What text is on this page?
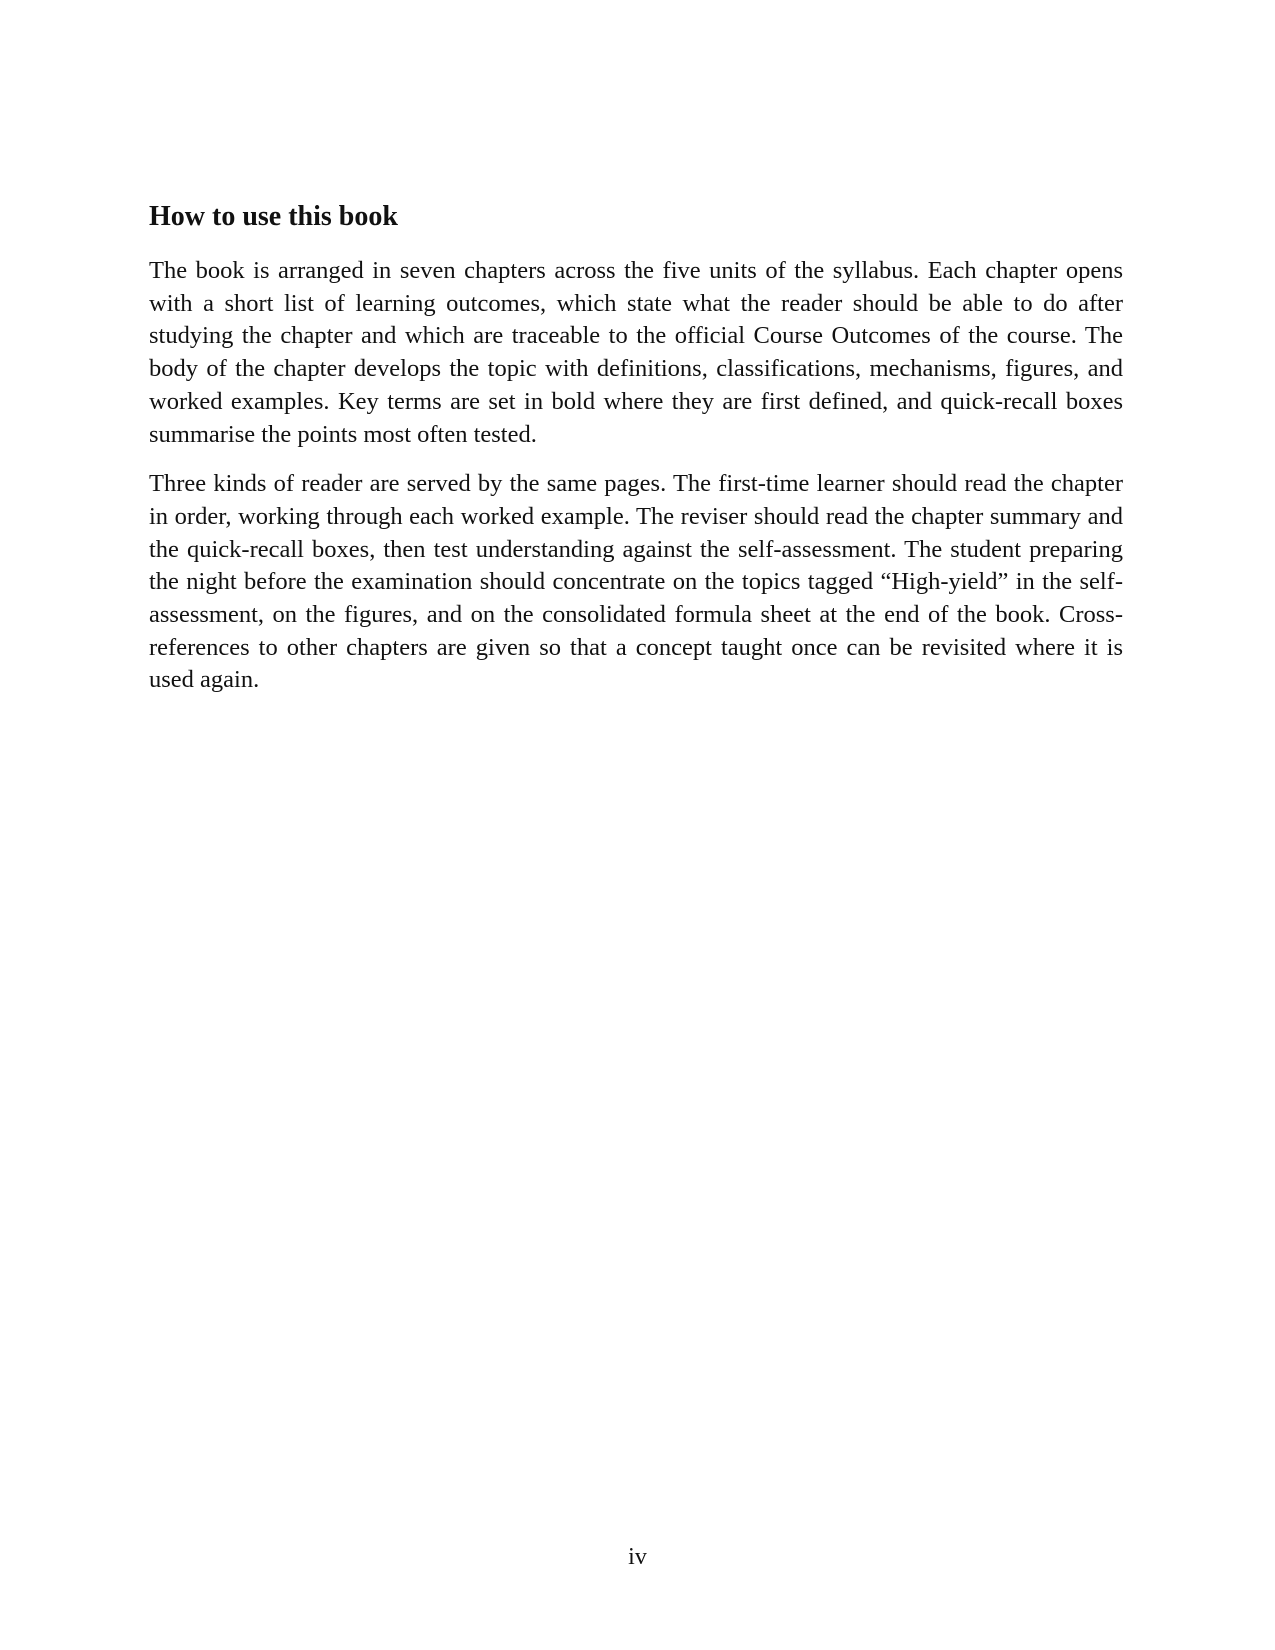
How to use this book

The book is arranged in seven chapters across the five units of the syllabus. Each chapter opens with a short list of learning outcomes, which state what the reader should be able to do after studying the chapter and which are traceable to the official Course Outcomes of the course. The body of the chapter develops the topic with definitions, classifications, mechanisms, figures, and worked examples. Key terms are set in bold where they are first defined, and quick-recall boxes summarise the points most often tested.

Three kinds of reader are served by the same pages. The first-time learner should read the chapter in order, working through each worked example. The reviser should read the chapter summary and the quick-recall boxes, then test understanding against the self-assessment. The student preparing the night before the examination should concentrate on the topics tagged “High-yield” in the self-assessment, on the figures, and on the consolidated formula sheet at the end of the book. Cross-references to other chapters are given so that a concept taught once can be revisited where it is used again.

iv
